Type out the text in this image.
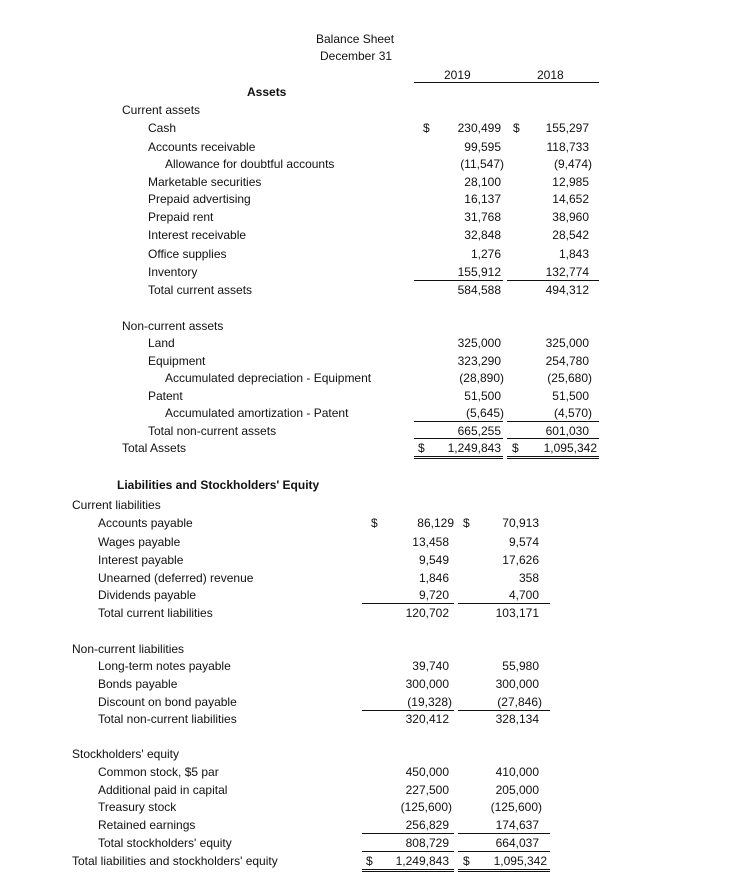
Balance Sheet
December 31
2019	2018
Assets
Current assets
Cash	$ 230,499 $ 155,297
Accounts receivable	99,595	118,733
Allowance for doubtful accounts	(11,547)	(9,474)
Marketable securities	28,100	12,985
Prepaid advertising	16,137	14,652
Prepaid rent	31,768	38,960
Interest receivable	32,848	28,542
Office supplies	1,276	1,843
Inventory	155,912	132,774
Total current assets	584,588	494,312
Non-current assets
Land	325,000	325,000
Equipment	323,290	254,780
Accumulated depreciation - Equipment	(28,890)	(25,680)
Patent	51,500	51,500
Accumulated amortization - Patent	(5,645)	(4,570)
Total non-current assets	665,255	601,030
Total Assets	$ 1,249,843 $ 1,095,342
Liabilities and Stockholders' Equity
Current liabilities
Accounts payable	$	86,129 $	70,913
Wages payable	13,458	9,574
Interest payable	9,549	17,626
Unearned (deferred) revenue	1,846	358
Dividends payable	9,720	4,700
Total current liabilities	120,702	103,171
Non-current liabilities
Long-term notes payable	39,740	55,980
Bonds payable	300,000	300,000
Discount on bond payable	(19,328)	(27,846)
Total non-current liabilities	320,412	328,134
Stockholders' equity
Common stock, $5 par	450,000	410,000
Additional paid in capital	227,500	205,000
Treasury stock	(125,600)	(125,600)
Retained earnings	256,829	174,637
Total stockholders' equity	808,729	664,037
Total liabilities and stockholders' equity	$ 1,249,843 $ 1,095,342
